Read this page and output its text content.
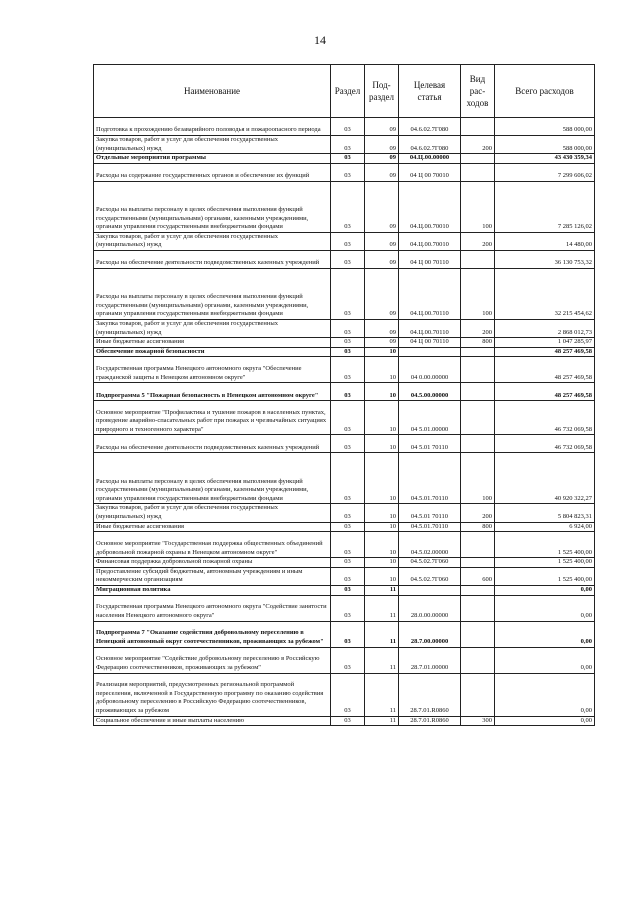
14
Наименование	Раздел	Под-раздел	Целевая статья	Вид рас-ходов	Всего расходов
Подготовка к прохождению безаварийного половодья и пожароопасного периода	03	09	04.6.02.7Г080		588 000,00
Закупка товаров, работ и услуг для обеспечения государственных (муниципальных) нужд	03	09	04.6.02.7Г080	200	588 000,00
Отдельные мероприятия программы	03	09	04.Ц.00.00000		43 430 359,34
Расходы на содержание государственных органов и обеспечение их функций	03	09	04 Ц 00 70010		7 299 606,02
Расходы на выплаты персоналу в целях обеспечения выполнения функций государственными (муниципальными) органами, казенными учреждениями, органами управления государственными внебюджетными фондами	03	09	04.Ц.00.70010	100	7 285 126,02
Закупка товаров, работ и услуг для обеспечения государственных (муниципальных) нужд	03	09	04.Ц.00.70010	200	14 480,00
Расходы на обеспечение деятельности подведомственных казенных учреждений	03	09	04 Ц 00 70110		36 130 753,32
Расходы на выплаты персоналу в целях обеспечения выполнения функций государственными (муниципальными) органами, казенными учреждениями, органами управления государственными внебюджетными фондами	03	09	04.Ц.00.70110	100	32 215 454,62
Закупка товаров, работ и услуг для обеспечения государственных (муниципальных) нужд	03	09	04.Ц.00.70110	200	2 868 012,73
Иные бюджетные ассигнования	03	09	04 Ц 00 70110	800	1 047 285,97
Обеспечение пожарной безопасности	03	10			48 257 469,58
Государственная программа Ненецкого автономного округа "Обеспечение гражданской защиты в Ненецком автономном округе"	03	10	04 0.00.00000		48 257 469,58
Подпрограмма 5 "Пожарная безопасность в Ненецком автономном округе"	03	10	04.5.00.00000		48 257 469,58
Основное мероприятие "Профилактика и тушение пожаров в населенных пунктах, проведение аварийно-спасательных работ при пожарах и чрезвычайных ситуациях природного и техногенного характера"	03	10	04 5.01.00000		46 732 069,58
Расходы на обеспечение деятельности подведомственных казенных учреждений	03	10	04 5.01 70110		46 732 069,58
Расходы на выплаты персоналу в целях обеспечения выполнения функций государственными (муниципальными) органами, казенными учреждениями, органами управления государственными внебюджетными фондами	03	10	04.5.01.70110	100	40 920 322,27
Закупка товаров, работ и услуг для обеспечения государственных (муниципальных) нужд	03	10	04.5.01 70110	200	5 804 823,31
Иные бюджетные ассигнования	03	10	04.5.01.70110	800	6 924,00
Основное мероприятие "Государственная поддержка общественных объединений добровольной пожарной охраны в Ненецком автономном округе"	03	10	04.5.02.00000		1 525 400,00
Финансовая поддержка добровольной пожарной охраны	03	10	04.5.02.7Г060		1 525 400,00
Предоставление субсидий бюджетным, автономным учреждениям и иным некоммерческим организациям	03	10	04.5.02.7Г060	600	1 525 400,00
Миграционная политика	03	11			0,00
Государственная программа Ненецкого автономного округа "Содействие занятости населения Ненецкого автономного округа"	03	11	28.0.00.00000		0,00
Подпрограмма 7 "Оказание содействия добровольному переселению в Ненецкий автономный округ соотечественников, проживающих за рубежом"	03	11	28.7.00.00000		0,00
Основное мероприятие "Содействие добровольному переселению в Российскую Федерацию соотечественников, проживающих за рубежом"	03	11	28.7.01.00000		0,00
Реализация мероприятий, предусмотренных региональной программой переселения, включенной в Государственную программу по оказанию содействия добровольному переселению в Российскую Федерацию соотечественников, проживающих за рубежом	03	11	28.7.01.R0860		0,00
Социальное обеспечение и иные выплаты населению	03	11	28.7.01.R0860	300	0,00
